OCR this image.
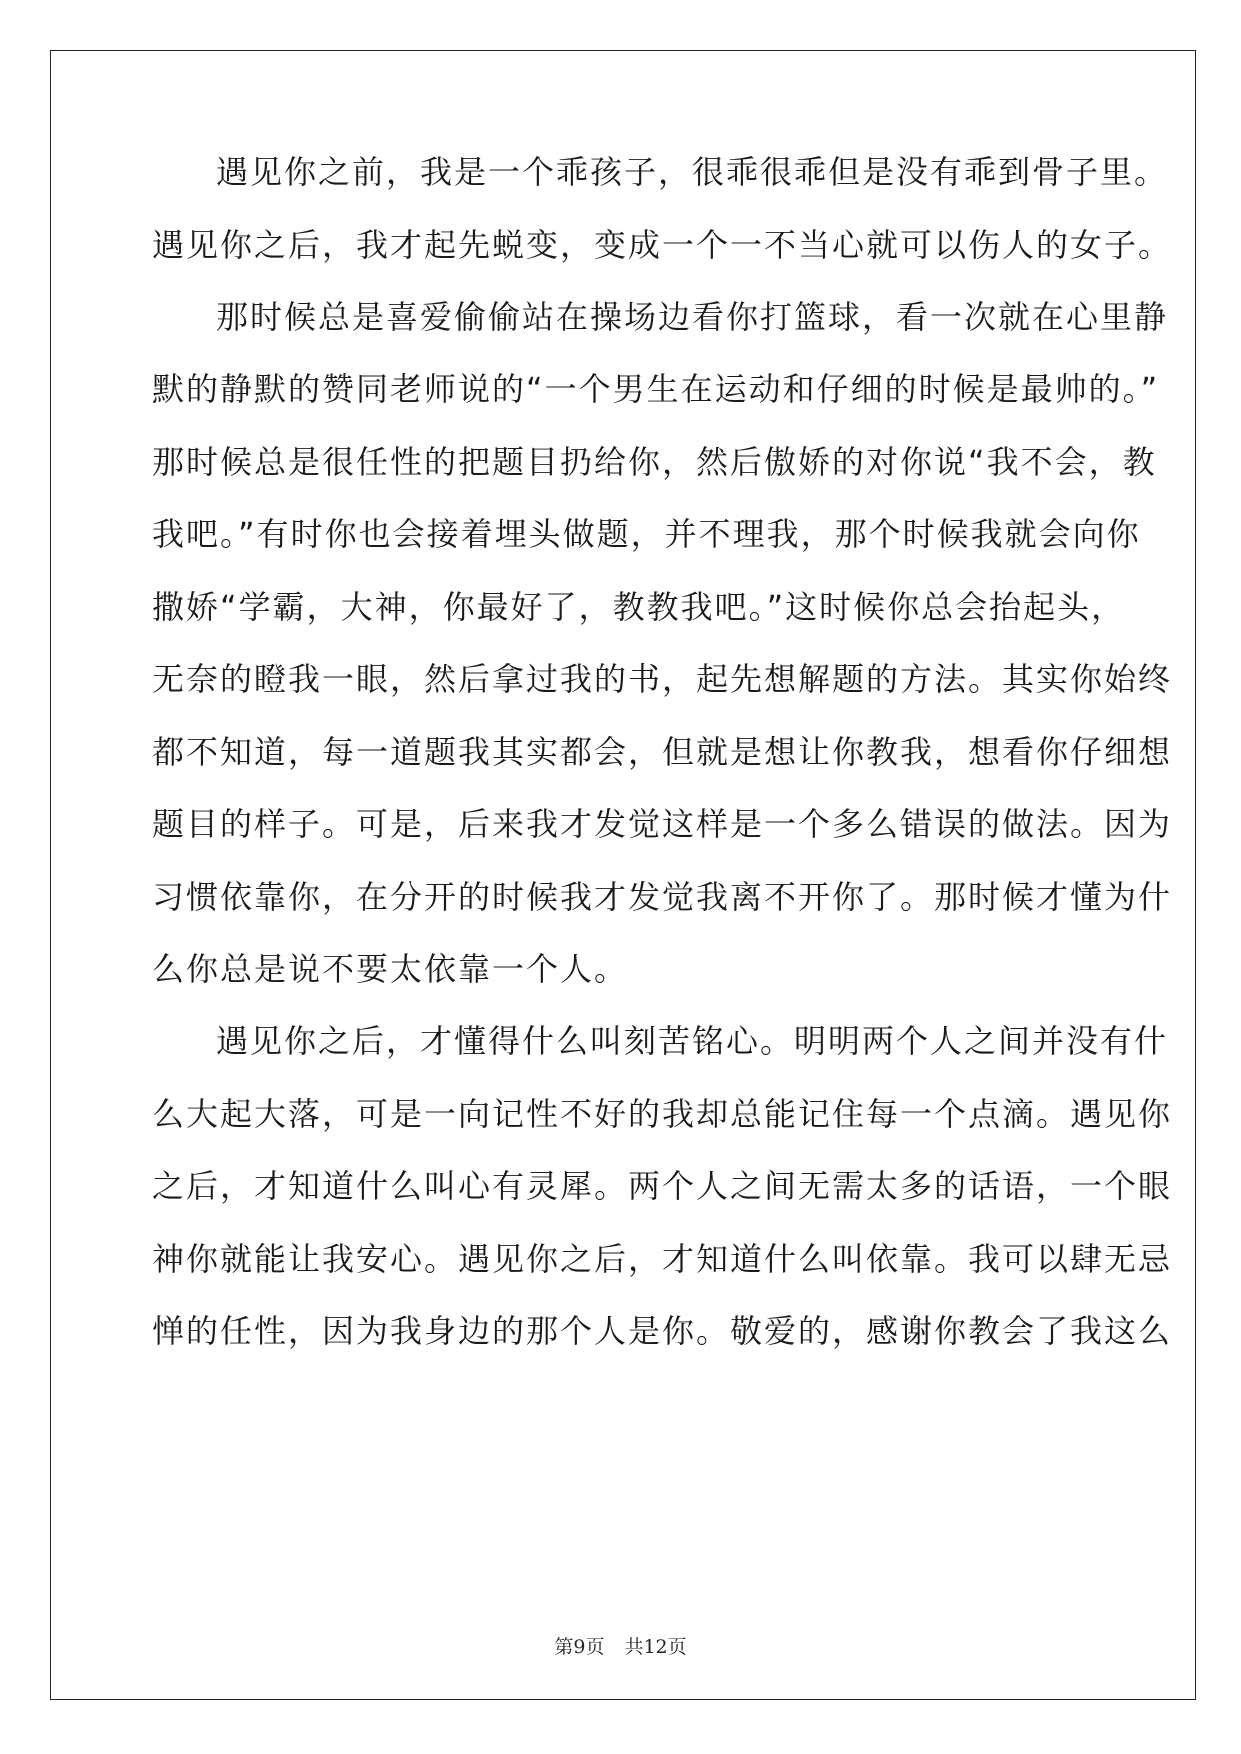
遇见你之前，我是一个乖孩子，很乖很乖但是没有乖到骨子里。
遇见你之后，我才起先蜕变，变成一个一不当心就可以伤人的女子。
那时候总是喜爱偷偷站在操场边看你打篮球，看一次就在心里静
默的静默的赞同老师说的“一个男生在运动和仔细的时候是最帅的。”
那时候总是很任性的把题目扔给你，然后傲娇的对你说“我不会，教
我吧。”有时你也会接着埋头做题，并不理我，那个时候我就会向你
撒娇“学霸，大神，你最好了，教教我吧。”这时候你总会抬起头，
无奈的瞪我一眼，然后拿过我的书，起先想解题的方法。其实你始终
都不知道，每一道题我其实都会，但就是想让你教我，想看你仔细想
题目的样子。可是，后来我才发觉这样是一个多么错误的做法。因为
习惯依靠你，在分开的时候我才发觉我离不开你了。那时候才懂为什
么你总是说不要太依靠一个人。
遇见你之后，才懂得什么叫刻苦铭心。明明两个人之间并没有什
么大起大落，可是一向记性不好的我却总能记住每一个点滴。遇见你
之后，才知道什么叫心有灵犀。两个人之间无需太多的话语，一个眼
神你就能让我安心。遇见你之后，才知道什么叫依靠。我可以肆无忌
惮的任性，因为我身边的那个人是你。敬爱的，感谢你教会了我这么
第9页 共12页
